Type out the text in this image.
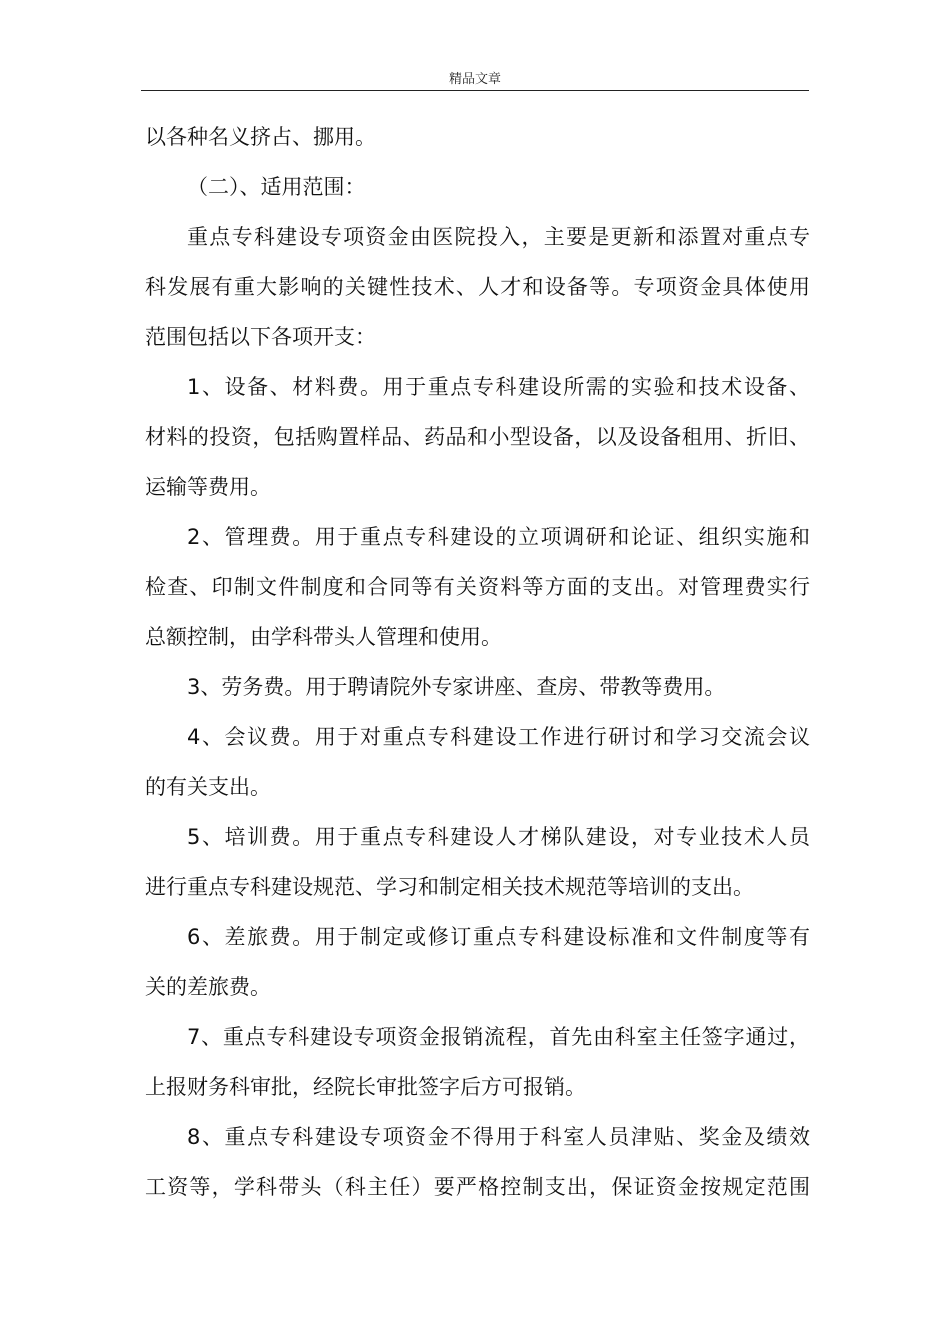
精品文章

以各种名义挤占、挪用。

（二）、适用范围：

重点专科建设专项资金由医院投入，主要是更新和添置对重点专

科发展有重大影响的关键性技术、人才和设备等。专项资金具体使用

范围包括以下各项开支：

1、设备、材料费。用于重点专科建设所需的实验和技术设备、

材料的投资，包括购置样品、药品和小型设备，以及设备租用、折旧、

运输等费用。

2、管理费。用于重点专科建设的立项调研和论证、组织实施和

检查、印制文件制度和合同等有关资料等方面的支出。对管理费实行

总额控制，由学科带头人管理和使用。

3、劳务费。用于聘请院外专家讲座、查房、带教等费用。

4、会议费。用于对重点专科建设工作进行研讨和学习交流会议

的有关支出。

5、培训费。用于重点专科建设人才梯队建设，对专业技术人员

进行重点专科建设规范、学习和制定相关技术规范等培训的支出。

6、差旅费。用于制定或修订重点专科建设标准和文件制度等有

关的差旅费。

7、重点专科建设专项资金报销流程，首先由科室主任签字通过，

上报财务科审批，经院长审批签字后方可报销。

8、重点专科建设专项资金不得用于科室人员津贴、奖金及绩效

工资等，学科带头（科主任）要严格控制支出，保证资金按规定范围
